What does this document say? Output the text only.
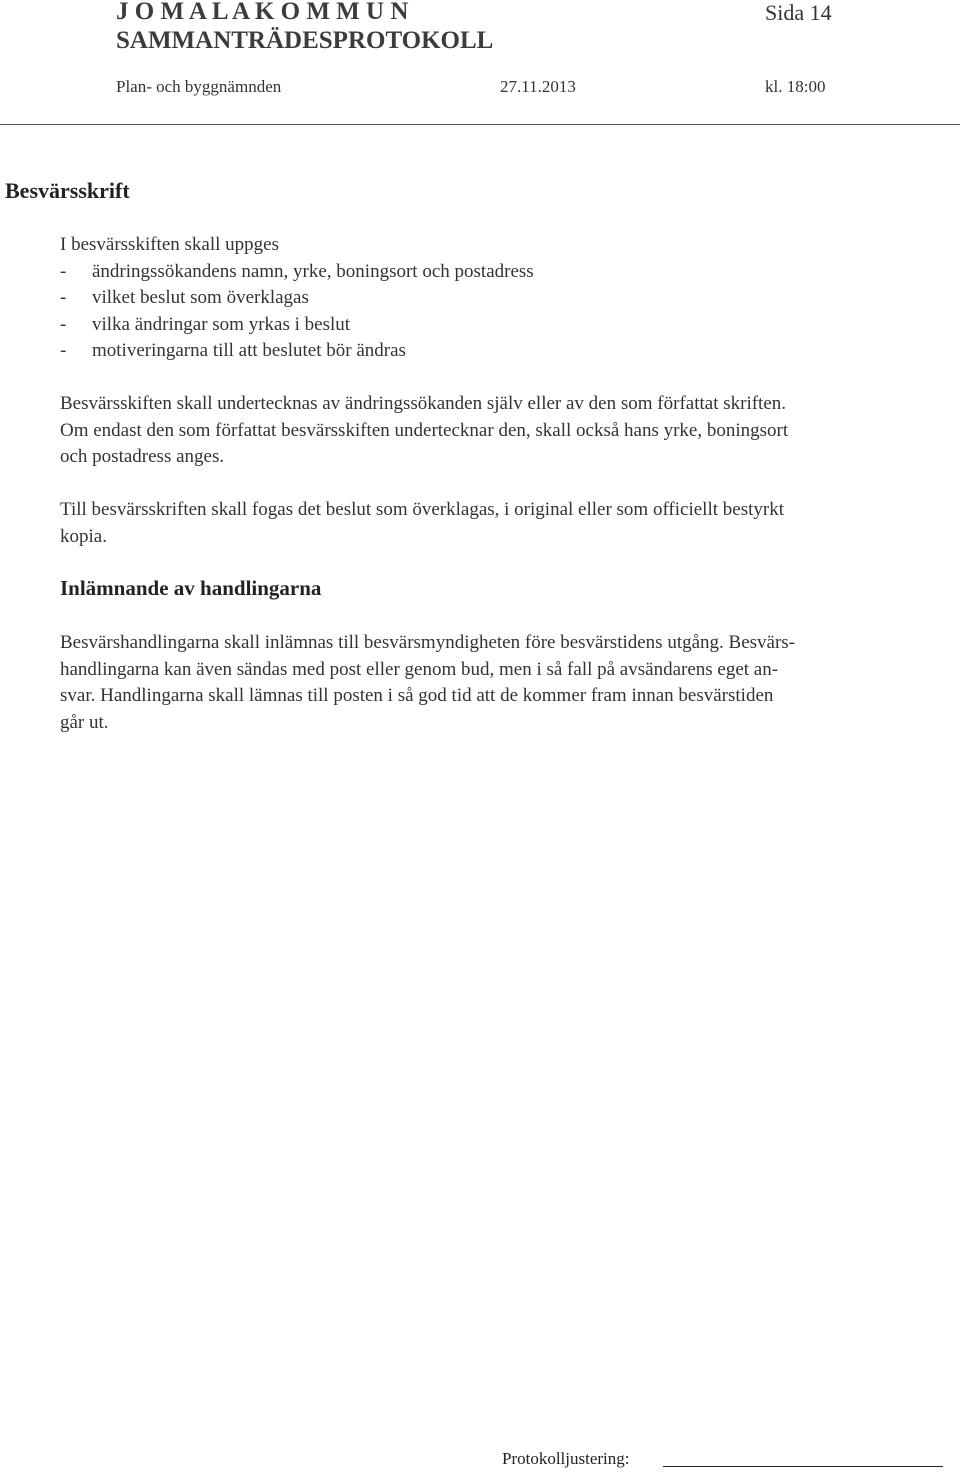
J O M A L A K O M M U N	Sida 14
SAMMANTRÄDESPROTOKOLL
Plan- och byggnämnden	27.11.2013	kl. 18:00
Besvärsskrift
I besvärsskiften skall uppges
- ändringssökandens namn, yrke, boningsort och postadress
- vilket beslut som överklagas
- vilka ändringar som yrkas i beslut
- motiveringarna till att beslutet bör ändras
Besvärsskiften skall undertecknas av ändringssökanden själv eller av den som författat skriften.
Om endast den som författat besvärsskiften undertecknar den, skall också hans yrke, boningsort
och postadress anges.
Till besvärsskriften skall fogas det beslut som överklagas, i original eller som officiellt bestyrkt
kopia.
Inlämnande av handlingarna
Besvärshandlingarna skall inlämnas till besvärsmyndigheten före besvärstidens utgång. Besvärs-
handlingarna kan även sändas med post eller genom bud, men i så fall på avsändarens eget an-
svar. Handlingarna skall lämnas till posten i så god tid att de kommer fram innan besvärstiden
går ut.
Protokolljustering:
